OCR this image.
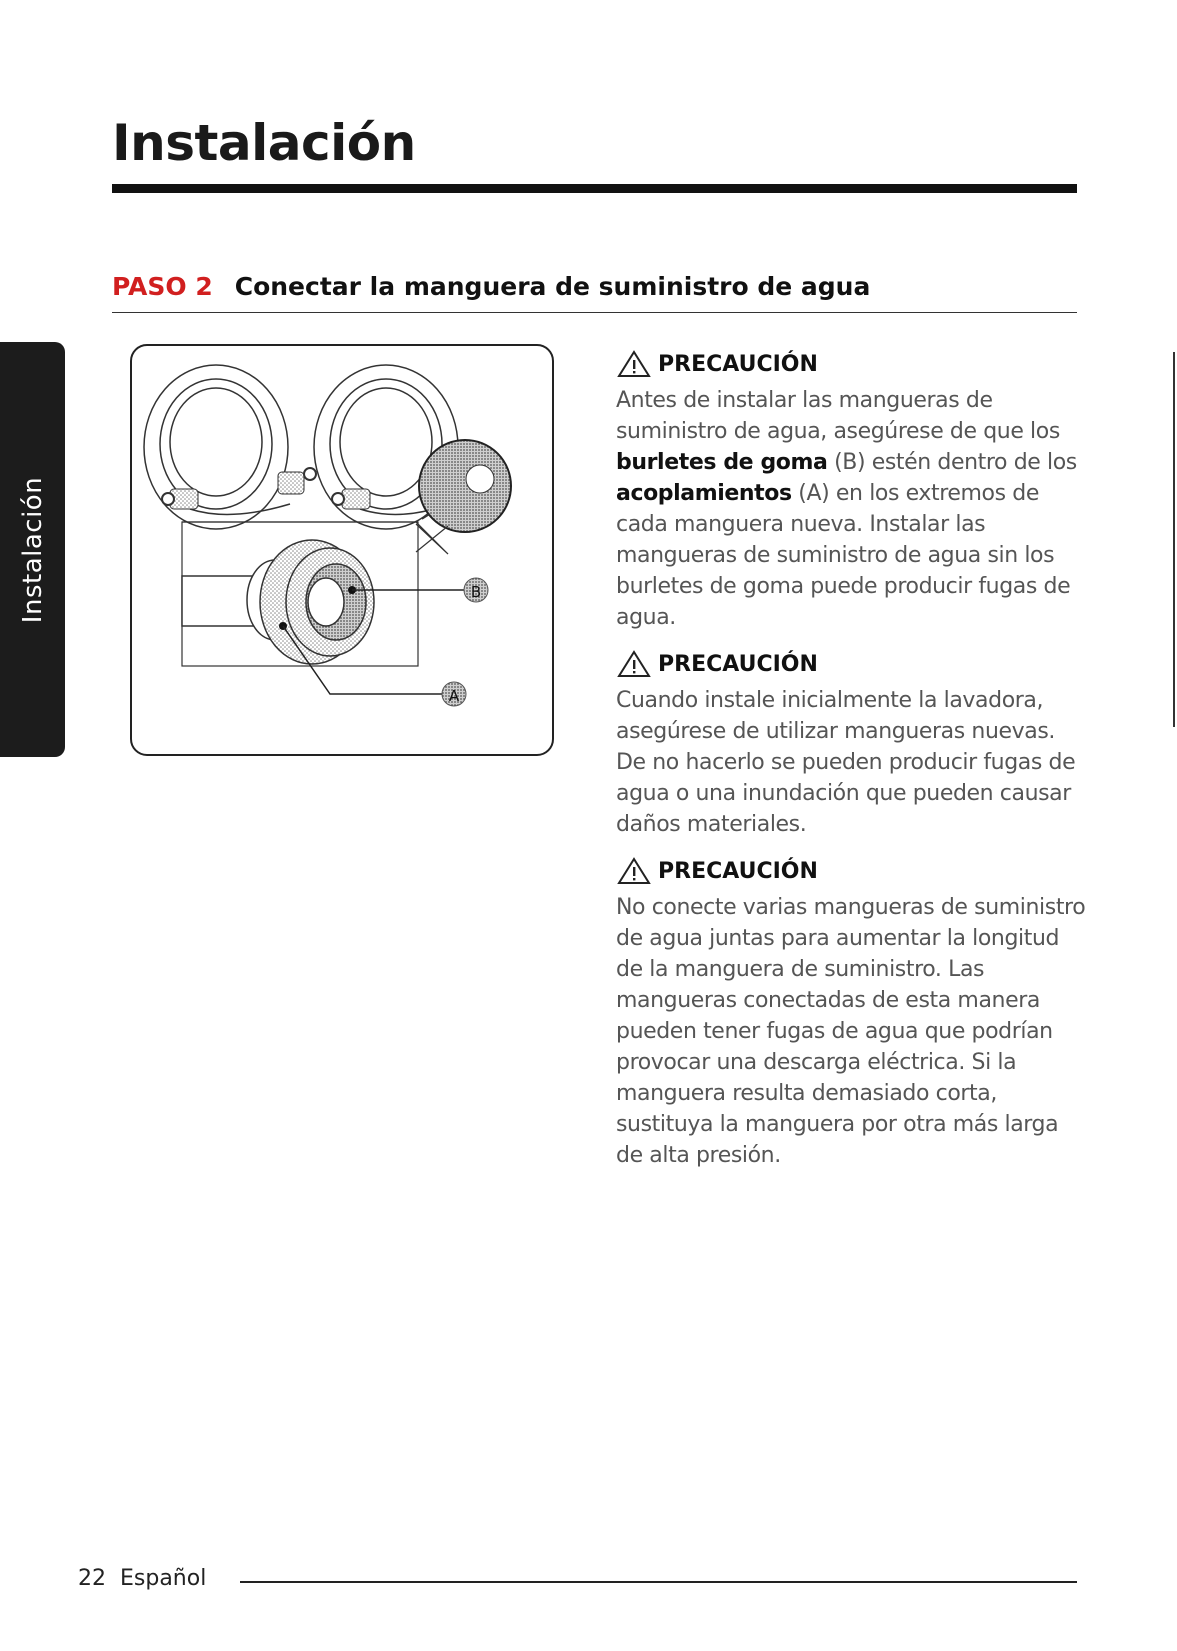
Instalación
Instalación
PASO 2 Conectar la manguera de suministro de agua
B
A
PRECAUCIÓN
Antes de instalar las mangueras de suministro de agua, asegúrese de que los burletes de goma (B) estén dentro de los acoplamientos (A) en los extremos de cada manguera nueva. Instalar las mangueras de suministro de agua sin los burletes de goma puede producir fugas de agua.
PRECAUCIÓN
Cuando instale inicialmente la lavadora, asegúrese de utilizar mangueras nuevas. De no hacerlo se pueden producir fugas de agua o una inundación que pueden causar daños materiales.
PRECAUCIÓN
No conecte varias mangueras de suministro de agua juntas para aumentar la longitud de la manguera de suministro. Las mangueras conectadas de esta manera pueden tener fugas de agua que podrían provocar una descarga eléctrica. Si la manguera resulta demasiado corta, sustituya la manguera por otra más larga de alta presión.
22 Español
